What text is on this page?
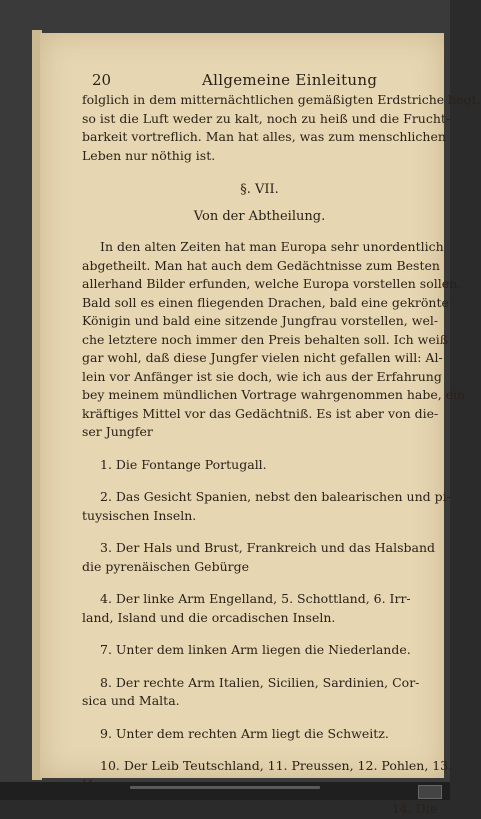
20	Allgemeine Einleitung
folglich in dem mitternächtlichen gemäßigten Erdstriche liegt,
so ist die Luft weder zu kalt, noch zu heiß und die Frucht-
barkeit vortreflich. Man hat alles, was zum menschlichen
Leben nur nöthig ist.
§. VII.
Von der Abtheilung.
In den alten Zeiten hat man Europa sehr unordentlich
abgetheilt. Man hat auch dem Gedächtnisse zum Besten
allerhand Bilder erfunden, welche Europa vorstellen sollen.
Bald soll es einen fliegenden Drachen, bald eine gekrönte
Königin und bald eine sitzende Jungfrau vorstellen, wel-
che letztere noch immer den Preis behalten soll. Ich weiß
gar wohl, daß diese Jungfer vielen nicht gefallen will: Al-
lein vor Anfänger ist sie doch, wie ich aus der Erfahrung
bey meinem mündlichen Vortrage wahrgenommen habe, ein
kräftiges Mittel vor das Gedächtniß. Es ist aber von die-
ser Jungfer
1. Die Fontange Portugall.
2. Das Gesicht Spanien, nebst den balearischen und pi-
tuysischen Inseln.
3. Der Hals und Brust, Frankreich und das Halsband
die pyrenäischen Gebürge
4. Der linke Arm Engelland, 5. Schottland, 6. Irr-
land, Island und die orcadischen Inseln.
7. Unter dem linken Arm liegen die Niederlande.
8. Der rechte Arm Italien, Sicilien, Sardinien, Cor-
sica und Malta.
9. Unter dem rechten Arm liegt die Schweitz.
10. Der Leib Teutschland, 11. Preussen, 12. Pohlen, 13.
14. Die
